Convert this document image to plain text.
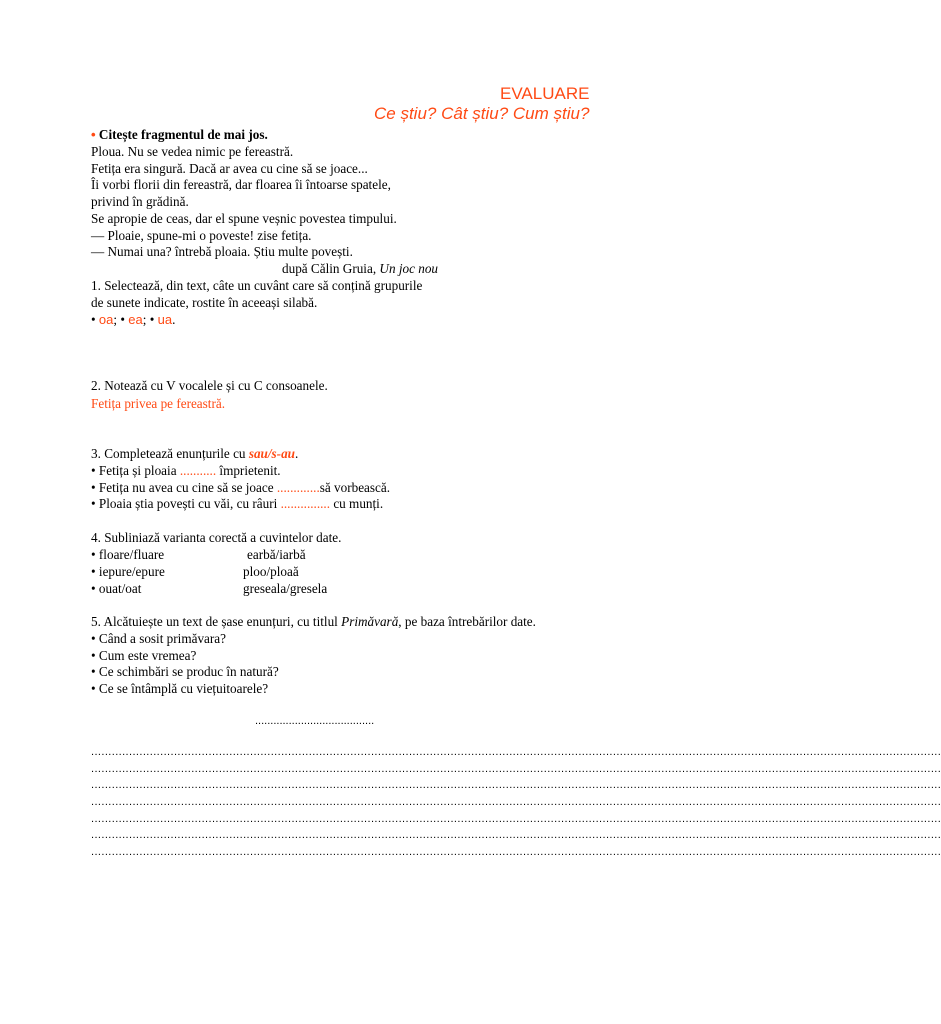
EVALUARE
Ce știu? Cât știu? Cum știu?
• Citește fragmentul de mai jos.
Ploua. Nu se vedea nimic pe fereastră.
Fetița era singură. Dacă ar avea cu cine să se joace...
Îi vorbi florii din fereastră, dar floarea îi întoarse spatele,
privind în grădină.
Se apropie de ceas, dar el spune veșnic povestea timpului.
— Ploaie, spune-mi o poveste! zise fetița.
— Numai una? întrebă ploaia. Știu multe povești.
după Călin Gruia, Un joc nou
1. Selectează, din text, câte un cuvânt care să conțină grupurile
de sunete indicate, rostite în aceeași silabă.
• oa; • ea; • ua.
2. Notează cu V vocalele și cu C consoanele.
Fetița privea pe fereastră.
3. Completează enunțurile cu sau/s-au.
• Fetița și ploaia ........... împrietenit.
• Fetița nu avea cu cine să se joace .............să vorbească.
• Ploaia știa povești cu văi, cu râuri ............... cu munți.
4. Subliniază varianta corectă a cuvintelor date.
• floare/fluare	earbă/iarbă
• iepure/epure	ploo/ploaă
• ouat/oat	greseala/gresela
5. Alcătuiește un text de șase enunțuri, cu titlul Primăvară, pe baza întrebărilor date.
• Când a sosit primăvara?
• Cum este vremea?
• Ce schimbări se produc în natură?
• Ce se întâmplă cu viețuitoarele?
.......................................
......................................................................................................................................................................................................................................................
......................................................................................................................................................................................................................................................
......................................................................................................................................................................................................................................................
......................................................................................................................................................................................................................................................
......................................................................................................................................................................................................................................................
......................................................................................................................................................................................................................................................
......................................................................................................................................................................................................................................................
